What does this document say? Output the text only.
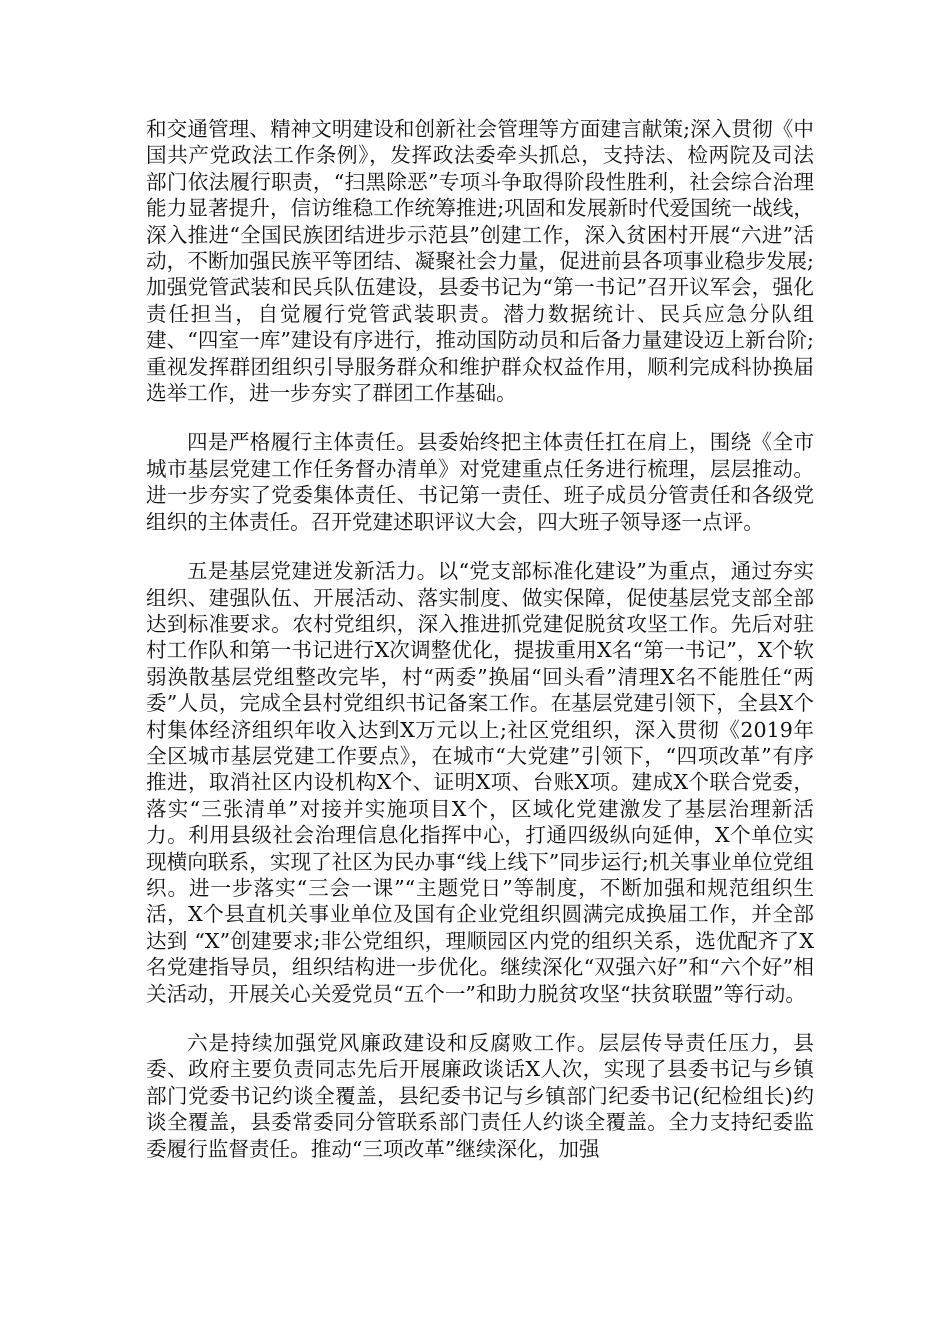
和交通管理、精神文明建设和创新社会管理等方面建言献策;深入贯彻《中国共产党政法工作条例》，发挥政法委牵头抓总，支持法、检两院及司法部门依法履行职责，“扫黑除恶”专项斗争取得阶段性胜利，社会综合治理能力显著提升，信访维稳工作统筹推进;巩固和发展新时代爱国统一战线，深入推进“全国民族团结进步示范县”创建工作，深入贫困村开展“六进”活动，不断加强民族平等团结、凝聚社会力量，促进前县各项事业稳步发展;加强党管武装和民兵队伍建设，县委书记为“第一书记”召开议军会，强化责任担当，自觉履行党管武装职责。潜力数据统计、民兵应急分队组建、“四室一库”建设有序进行，推动国防动员和后备力量建设迈上新台阶;重视发挥群团组织引导服务群众和维护群众权益作用，顺利完成科协换届选举工作，进一步夯实了群团工作基础。

四是严格履行主体责任。县委始终把主体责任扛在肩上，围绕《全市城市基层党建工作任务督办清单》对党建重点任务进行梳理，层层推动。进一步夯实了党委集体责任、书记第一责任、班子成员分管责任和各级党组织的主体责任。召开党建述职评议大会，四大班子领导逐一点评。

五是基层党建迸发新活力。以“党支部标准化建设”为重点，通过夯实组织、建强队伍、开展活动、落实制度、做实保障，促使基层党支部全部达到标准要求。农村党组织，深入推进抓党建促脱贫攻坚工作。先后对驻村工作队和第一书记进行X次调整优化，提拔重用X名“第一书记”，X个软弱涣散基层党组整改完毕，村“两委”换届“回头看”清理X名不能胜任“两委”人员，完成全县村党组织书记备案工作。在基层党建引领下，全县X个村集体经济组织年收入达到X万元以上;社区党组织，深入贯彻《2019年全区城市基层党建工作要点》，在城市“大党建”引领下，“四项改革”有序推进，取消社区内设机构X个、证明X项、台账X项。建成X个联合党委，落实“三张清单”对接并实施项目X个，区域化党建激发了基层治理新活力。利用县级社会治理信息化指挥中心，打通四级纵向延伸，X个单位实现横向联系，实现了社区为民办事“线上线下”同步运行;机关事业单位党组织。进一步落实“三会一课”“主题党日”等制度，不断加强和规范组织生活，X个县直机关事业单位及国有企业党组织圆满完成换届工作，并全部达到 “X”创建要求;非公党组织，理顺园区内党的组织关系，选优配齐了X名党建指导员，组织结构进一步优化。继续深化“双强六好”和“六个好”相关活动，开展关心关爱党员“五个一”和助力脱贫攻坚“扶贫联盟”等行动。

六是持续加强党风廉政建设和反腐败工作。层层传导责任压力，县委、政府主要负责同志先后开展廉政谈话X人次，实现了县委书记与乡镇部门党委书记约谈全覆盖，县纪委书记与乡镇部门纪委书记(纪检组长)约谈全覆盖，县委常委同分管联系部门责任人约谈全覆盖。全力支持纪委监委履行监督责任。推动“三项改革”继续深化，加强
